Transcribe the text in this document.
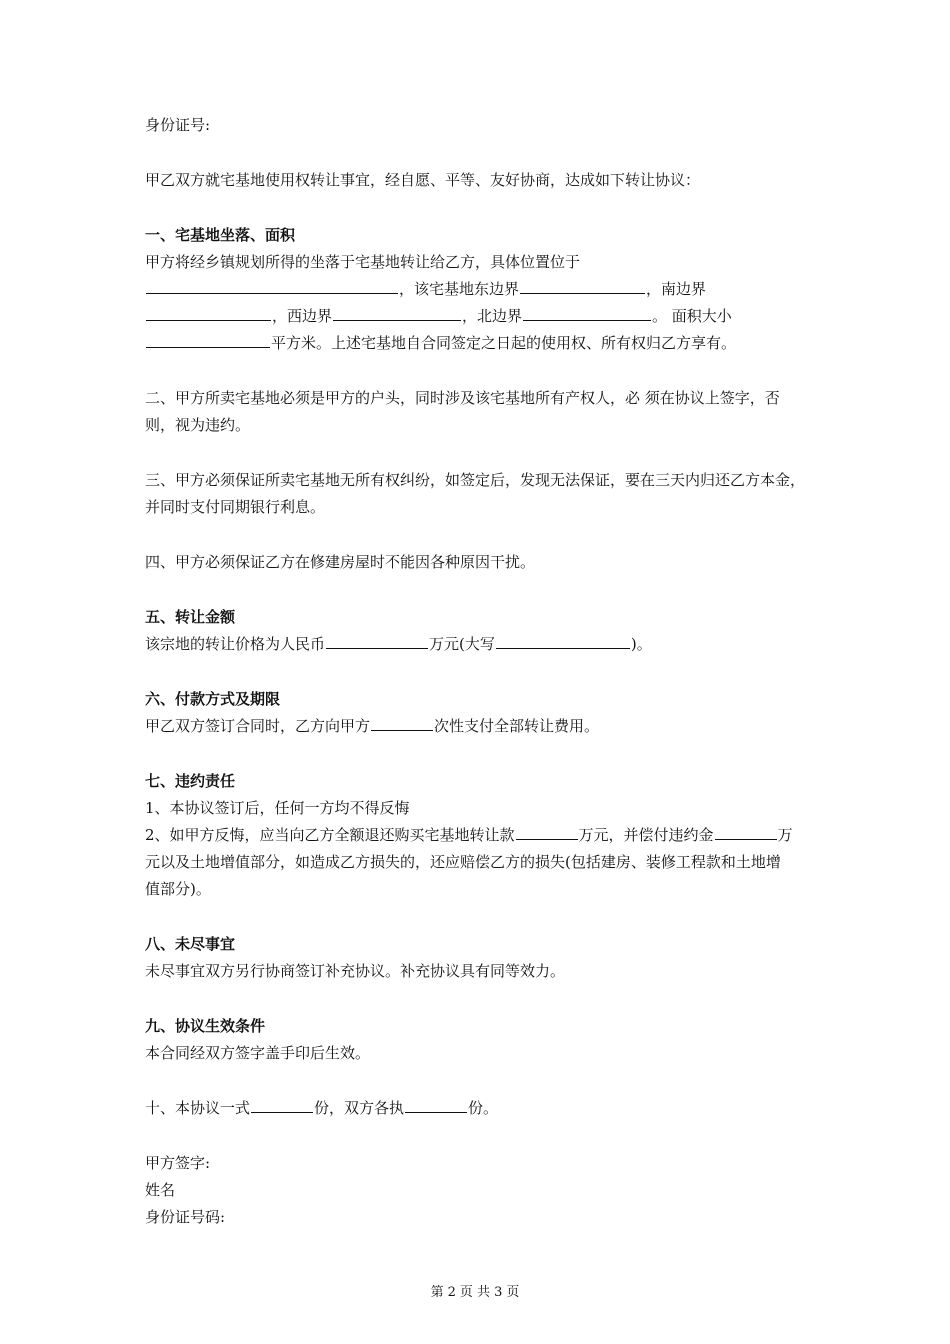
身份证号:
甲乙双方就宅基地使用权转让事宜，经自愿、平等、友好协商，达成如下转让协议：
一、宅基地坐落、面积
甲方将经乡镇规划所得的坐落于宅基地转让给乙方，具体位置位于
，该宅基地东边界	，南边界
，西边界	，北边界	。 面积大小
平方米。上述宅基地自合同签定之日起的使用权、所有权归乙方享有。
二、甲方所卖宅基地必须是甲方的户头，同时涉及该宅基地所有产权人，必 须在协议上签字，否
则，视为违约。
三、甲方必须保证所卖宅基地无所有权纠纷，如签定后，发现无法保证，要在三天内归还乙方本金，
并同时支付同期银行利息。
四、甲方必须保证乙方在修建房屋时不能因各种原因干扰。
五、转让金额
该宗地的转让价格为人民币	万元(大写	)。
六、付款方式及期限
甲乙双方签订合同时，乙方向甲方	次性支付全部转让费用。
七、违约责任
1、本协议签订后，任何一方均不得反悔
2、如甲方反悔，应当向乙方全额退还购买宅基地转让款	万元，并偿付违约金	万
元以及土地增值部分，如造成乙方损失的，还应赔偿乙方的损失(包括建房、装修工程款和土地增
值部分)。
八、未尽事宜
未尽事宜双方另行协商签订补充协议。补充协议具有同等效力。
九、协议生效条件
本合同经双方签字盖手印后生效。
十、本协议一式	份，双方各执	份。
甲方签字:
姓名
身份证号码:
第 2 页 共 3 页
